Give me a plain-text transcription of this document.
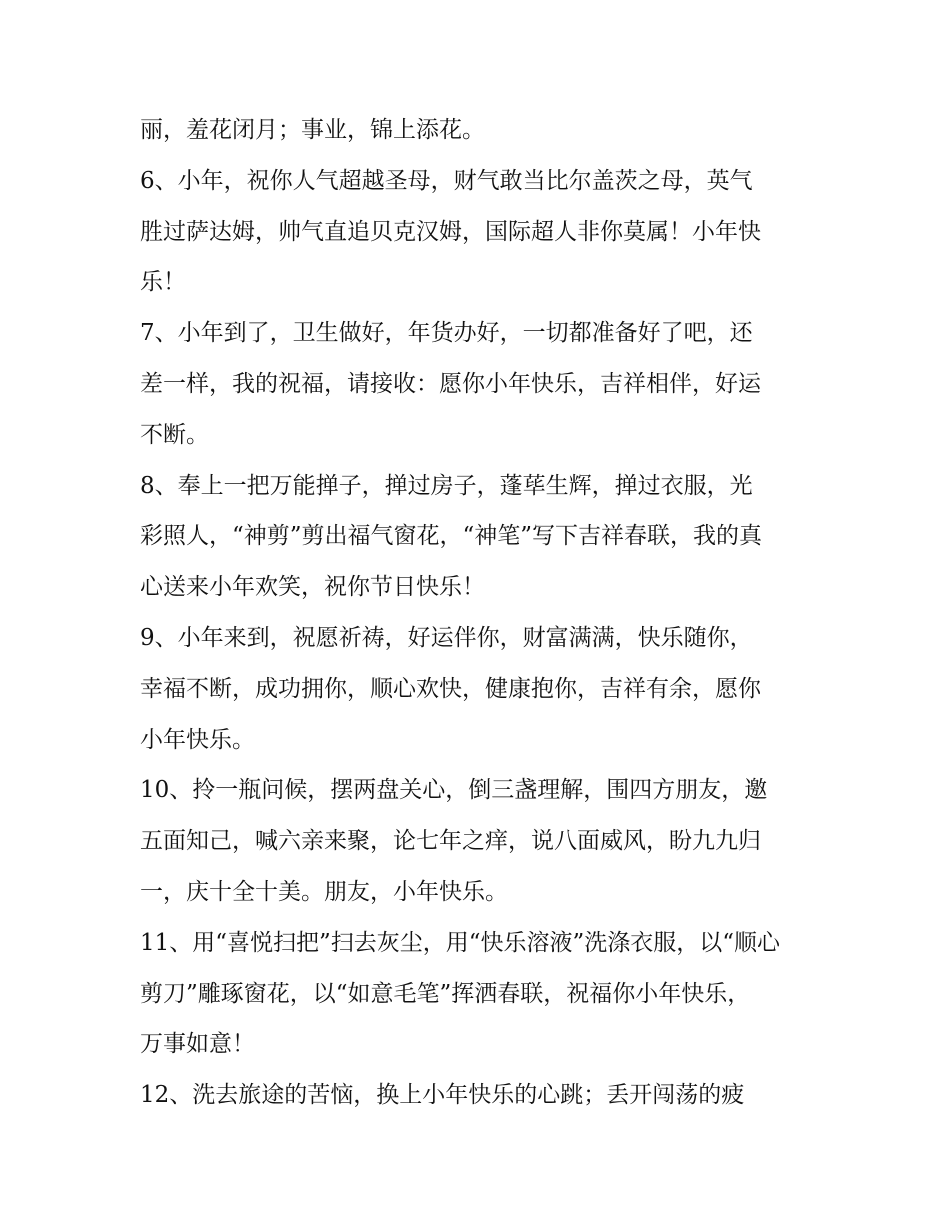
丽，羞花闭月；事业，锦上添花。
6、小年，祝你人气超越圣母，财气敢当比尔盖茨之母，英气
胜过萨达姆，帅气直追贝克汉姆，国际超人非你莫属！小年快
乐！
7、小年到了，卫生做好，年货办好，一切都准备好了吧，还
差一样，我的祝福，请接收：愿你小年快乐，吉祥相伴，好运
不断。
8、奉上一把万能掸子，掸过房子，蓬荜生辉，掸过衣服，光
彩照人，“神剪”剪出福气窗花，“神笔”写下吉祥春联，我的真
心送来小年欢笑，祝你节日快乐！
9、小年来到，祝愿祈祷，好运伴你，财富满满，快乐随你，
幸福不断，成功拥你，顺心欢快，健康抱你，吉祥有余，愿你
小年快乐。
10、拎一瓶问候，摆两盘关心，倒三盏理解，围四方朋友，邀
五面知己，喊六亲来聚，论七年之痒，说八面威风，盼九九归
一，庆十全十美。朋友，小年快乐。
11、用“喜悦扫把”扫去灰尘，用“快乐溶液”洗涤衣服，以“顺心
剪刀”雕琢窗花，以“如意毛笔”挥洒春联，祝福你小年快乐，
万事如意！
12、洗去旅途的苦恼，换上小年快乐的心跳；丢开闯荡的疲
